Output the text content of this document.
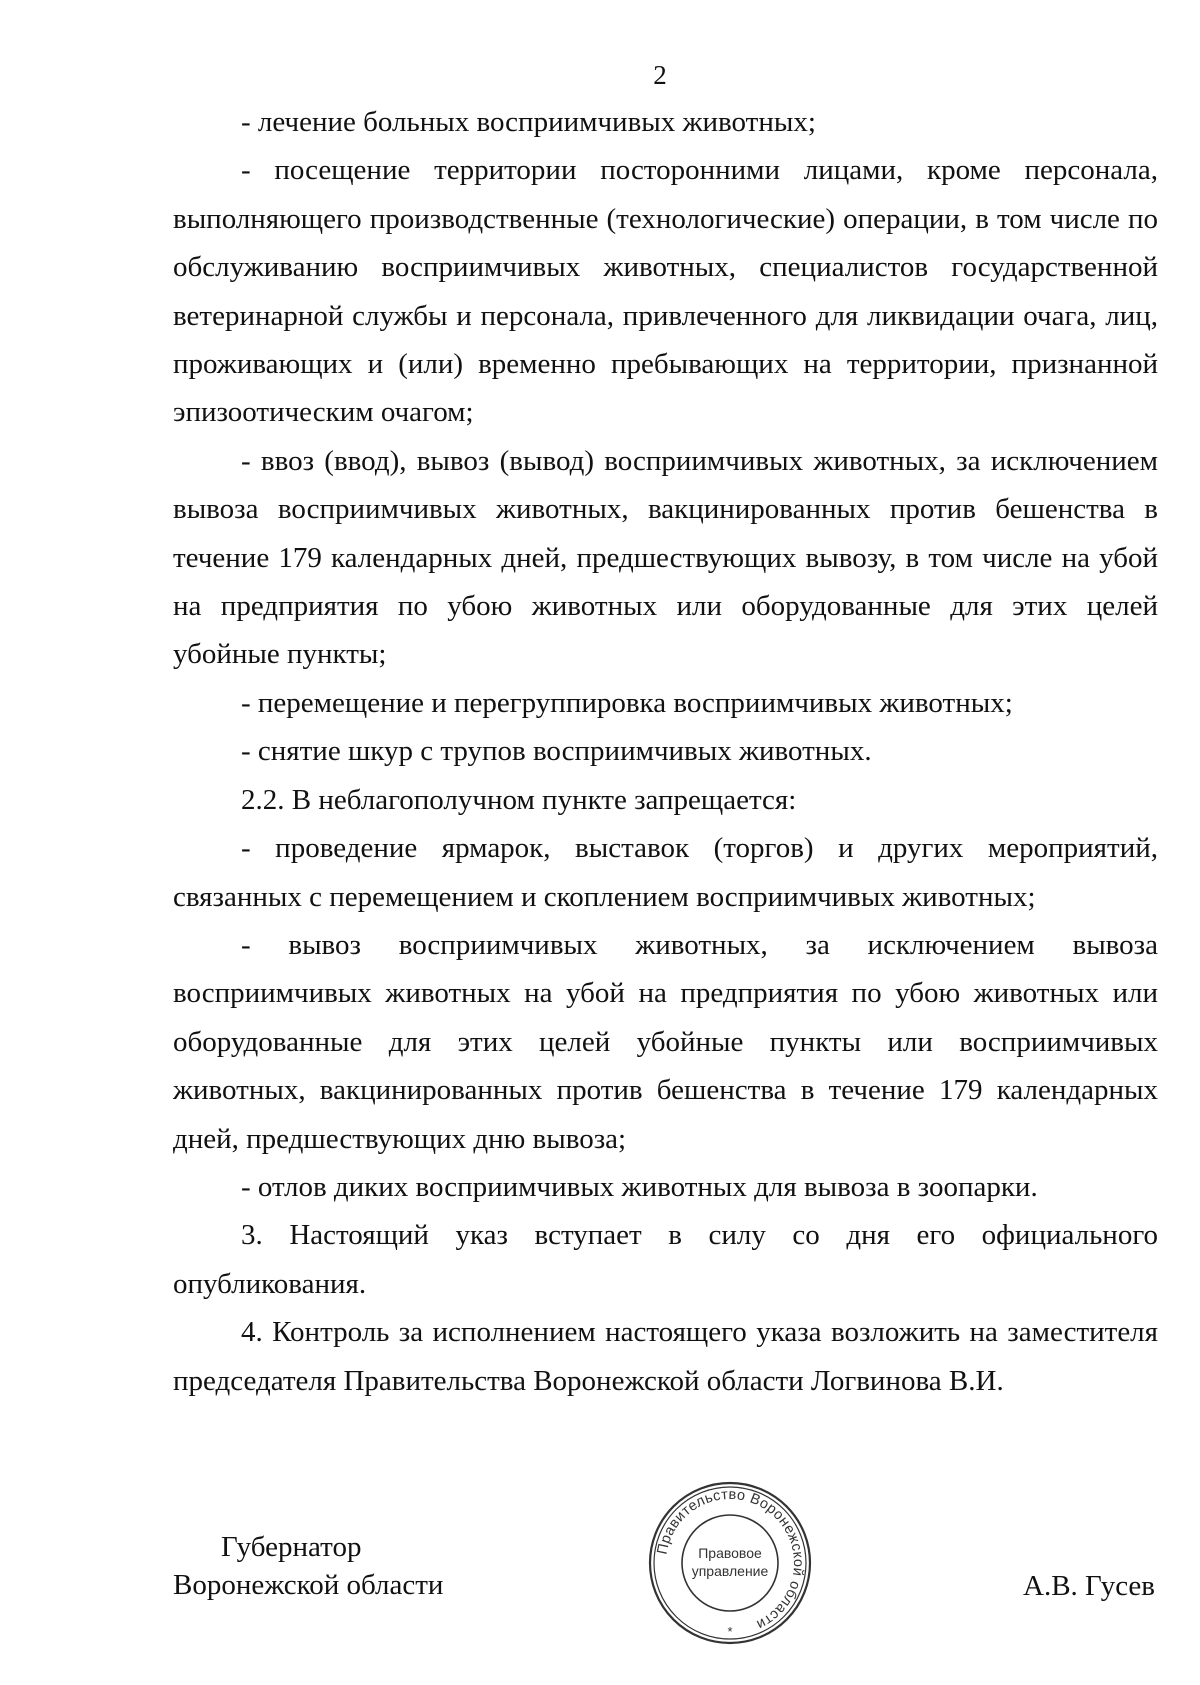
2

- лечение больных восприимчивых животных;

- посещение территории посторонними лицами, кроме персонала, выполняющего производственные (технологические) операции, в том числе по обслуживанию восприимчивых животных, специалистов государственной ветеринарной службы и персонала, привлеченного для ликвидации очага, лиц, проживающих и (или) временно пребывающих на территории, признанной эпизоотическим очагом;

- ввоз (ввод), вывоз (вывод) восприимчивых животных, за исключением вывоза восприимчивых животных, вакцинированных против бешенства в течение 179 календарных дней, предшествующих вывозу, в том числе на убой на предприятия по убою животных или оборудованные для этих целей убойные пункты;

- перемещение и перегруппировка восприимчивых животных;

- снятие шкур с трупов восприимчивых животных.

2.2. В неблагополучном пункте запрещается:

- проведение ярмарок, выставок (торгов) и других мероприятий, связанных с перемещением и скоплением восприимчивых животных;

- вывоз восприимчивых животных, за исключением вывоза восприимчивых животных на убой на предприятия по убою животных или оборудованные для этих целей убойные пункты или восприимчивых животных, вакцинированных против бешенства в течение 179 календарных дней, предшествующих дню вывоза;

- отлов диких восприимчивых животных для вывоза в зоопарки.

3. Настоящий указ вступает в силу со дня его официального опубликования.

4. Контроль за исполнением настоящего указа возложить на заместителя председателя Правительства Воронежской области Логвинова В.И.

Губернатор
Воронежской области
Правительство Воронежской области
Правовое
управление
*
А.В. Гусев
